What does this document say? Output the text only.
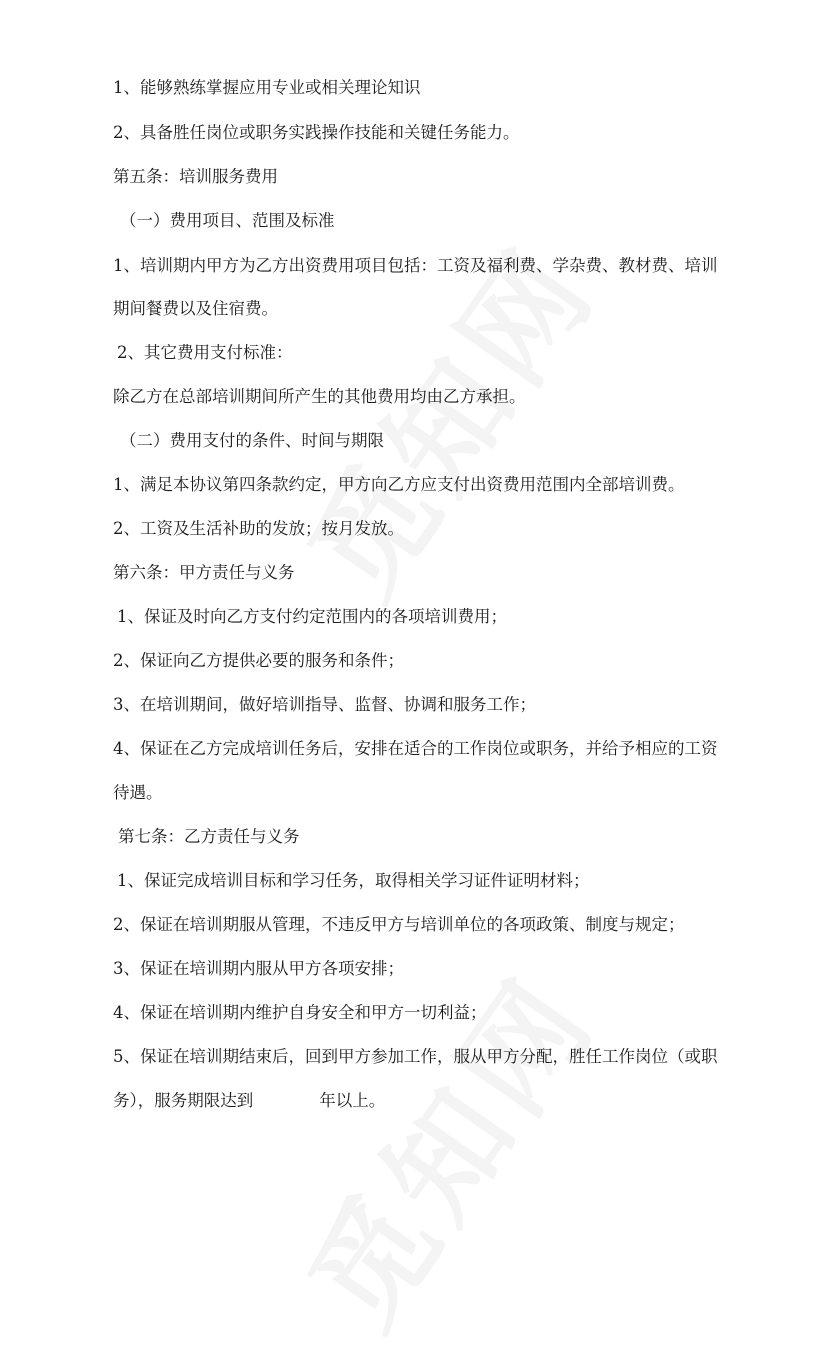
1、能够熟练掌握应用专业或相关理论知识
2、具备胜任岗位或职务实践操作技能和关键任务能力。
第五条：培训服务费用
（一）费用项目、范围及标准
1、培训期内甲方为乙方出资费用项目包括：工资及福利费、学杂费、教材费、培训
期间餐费以及住宿费。
2、其它费用支付标准：
除乙方在总部培训期间所产生的其他费用均由乙方承担。
（二）费用支付的条件、时间与期限
1、满足本协议第四条款约定，甲方向乙方应支付出资费用范围内全部培训费。
2、工资及生活补助的发放；按月发放。
第六条：甲方责任与义务
1、保证及时向乙方支付约定范围内的各项培训费用；
2、保证向乙方提供必要的服务和条件；
3、在培训期间，做好培训指导、监督、协调和服务工作；
4、保证在乙方完成培训任务后，安排在适合的工作岗位或职务，并给予相应的工资
待遇。
第七条：乙方责任与义务
1、保证完成培训目标和学习任务，取得相关学习证件证明材料；
2、保证在培训期服从管理，不违反甲方与培训单位的各项政策、制度与规定；
3、保证在培训期内服从甲方各项安排；
4、保证在培训期内维护自身安全和甲方一切利益；
5、保证在培训期结束后，回到甲方参加工作，服从甲方分配，胜任工作岗位（或职
务），服务期限达到　　　　年以上。
